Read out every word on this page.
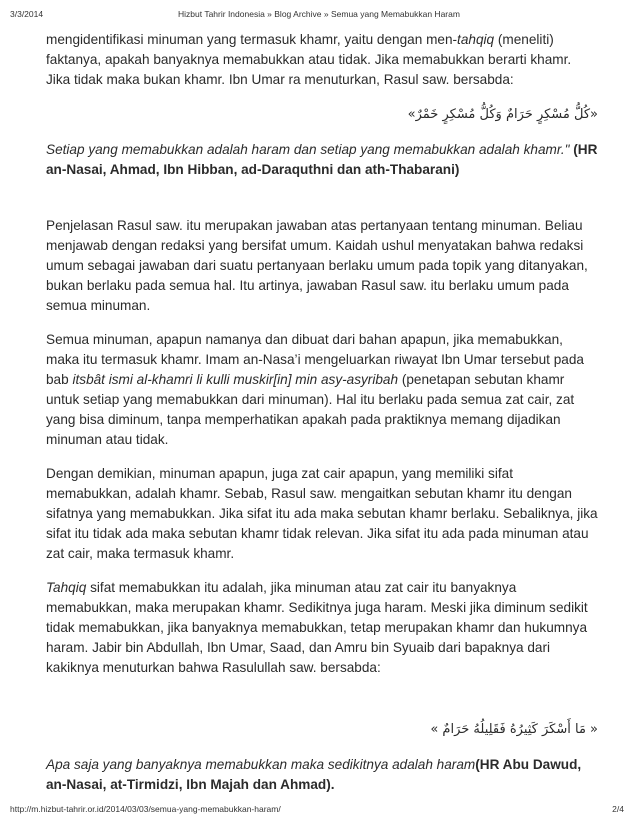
3/3/2014	Hizbut Tahrir Indonesia » Blog Archive » Semua yang Memabukkan Haram

mengidentifikasi minuman yang termasuk khamr, yaitu dengan men-tahqiq (meneliti) faktanya, apakah banyaknya memabukkan atau tidak. Jika memabukkan berarti khamr. Jika tidak maka bukan khamr. Ibn Umar ra menuturkan, Rasul saw. bersabda:

«كُلُّ مُسْكِرٍ حَرَامٌ وَكُلُّ مُسْكِرٍ خَمْرٌ»

Setiap yang memabukkan adalah haram dan setiap yang memabukkan adalah khamr." (HR an-Nasai, Ahmad, Ibn Hibban, ad-Daraquthni dan ath-Thabarani)

Penjelasan Rasul saw. itu merupakan jawaban atas pertanyaan tentang minuman. Beliau menjawab dengan redaksi yang bersifat umum. Kaidah ushul menyatakan bahwa redaksi umum sebagai jawaban dari suatu pertanyaan berlaku umum pada topik yang ditanyakan, bukan berlaku pada semua hal. Itu artinya, jawaban Rasul saw. itu berlaku umum pada semua minuman.

Semua minuman, apapun namanya dan dibuat dari bahan apapun, jika memabukkan, maka itu termasuk khamr. Imam an-Nasa’i mengeluarkan riwayat Ibn Umar tersebut pada bab itsbât ismi al-khamri li kulli muskir[in] min asy-asyribah (penetapan sebutan khamr untuk setiap yang memabukkan dari minuman). Hal itu berlaku pada semua zat cair, zat yang bisa diminum, tanpa memperhatikan apakah pada praktiknya memang dijadikan minuman atau tidak.

Dengan demikian, minuman apapun, juga zat cair apapun, yang memiliki sifat memabukkan, adalah khamr. Sebab, Rasul saw. mengaitkan sebutan khamr itu dengan sifatnya yang memabukkan. Jika sifat itu ada maka sebutan khamr berlaku. Sebaliknya, jika sifat itu tidak ada maka sebutan khamr tidak relevan. Jika sifat itu ada pada minuman atau zat cair, maka termasuk khamr.

Tahqiq sifat memabukkan itu adalah, jika minuman atau zat cair itu banyaknya memabukkan, maka merupakan khamr. Sedikitnya juga haram. Meski jika diminum sedikit tidak memabukkan, jika banyaknya memabukkan, tetap merupakan khamr dan hukumnya haram. Jabir bin Abdullah, Ibn Umar, Saad, dan Amru bin Syuaib dari bapaknya dari kakiknya menuturkan bahwa Rasulullah saw. bersabda:

« مَا أَسْكَرَ كَثِيرُهُ فَقَلِيلُهُ حَرَامٌ »

Apa saja yang banyaknya memabukkan maka sedikitnya adalah haram(HR Abu Dawud, an-Nasai, at-Tirmidzi, Ibn Majah dan Ahmad).

http://m.hizbut-tahrir.or.id/2014/03/03/semua-yang-memabukkan-haram/	2/4
